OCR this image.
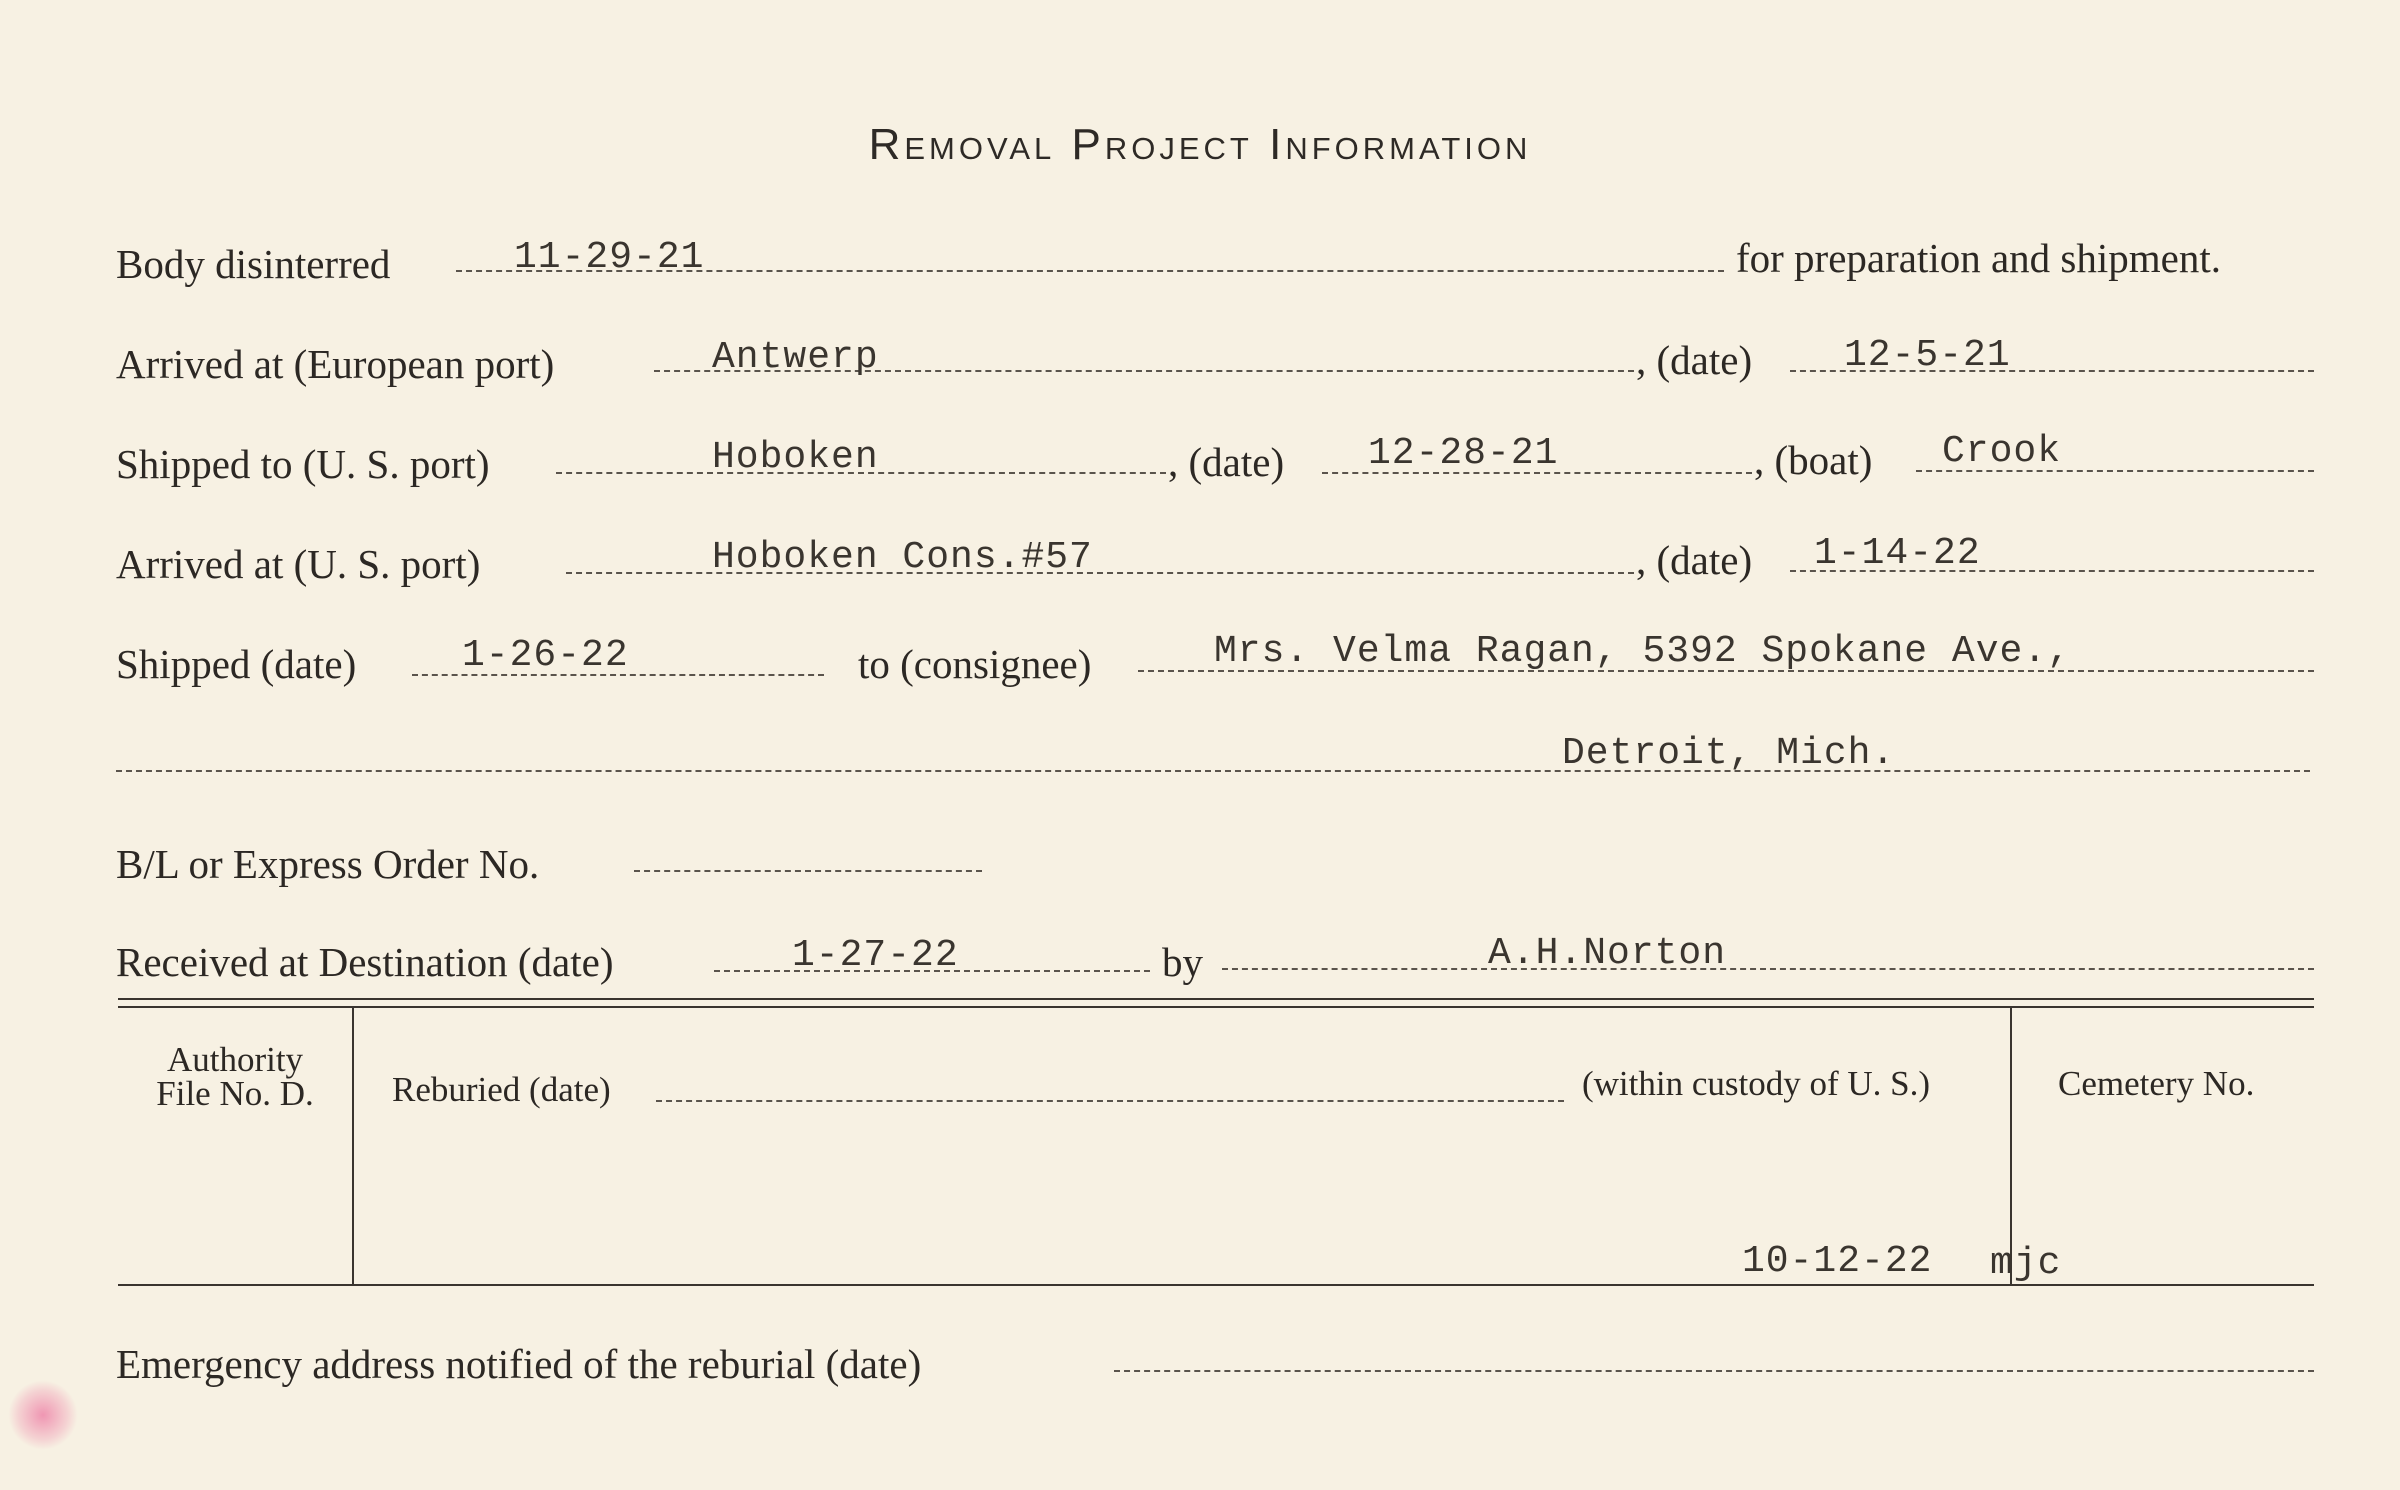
Removal Project Information
Body disinterred	11-29-21	for preparation and shipment.
Arrived at (European port)	Antwerp	, (date) 12-5-21
Shipped to (U. S. port)	Hoboken	, (date) 12-28-21	, (boat) Crook
Arrived at (U. S. port)	Hoboken Cons.#57	, (date) 1-14-22
Shipped (date)	1-26-22	to (consignee)	Mrs. Velma Ragan, 5392 Spokane Ave.,
Detroit, Mich.
B/L or Express Order No.
Received at Destination (date)	1-27-22	by	A.H.Norton
Authority
File No. D.	Reburied (date)	(within custody of U. S.)	Cemetery No.
10-12-22 mjc
Emergency address notified of the reburial (date)
